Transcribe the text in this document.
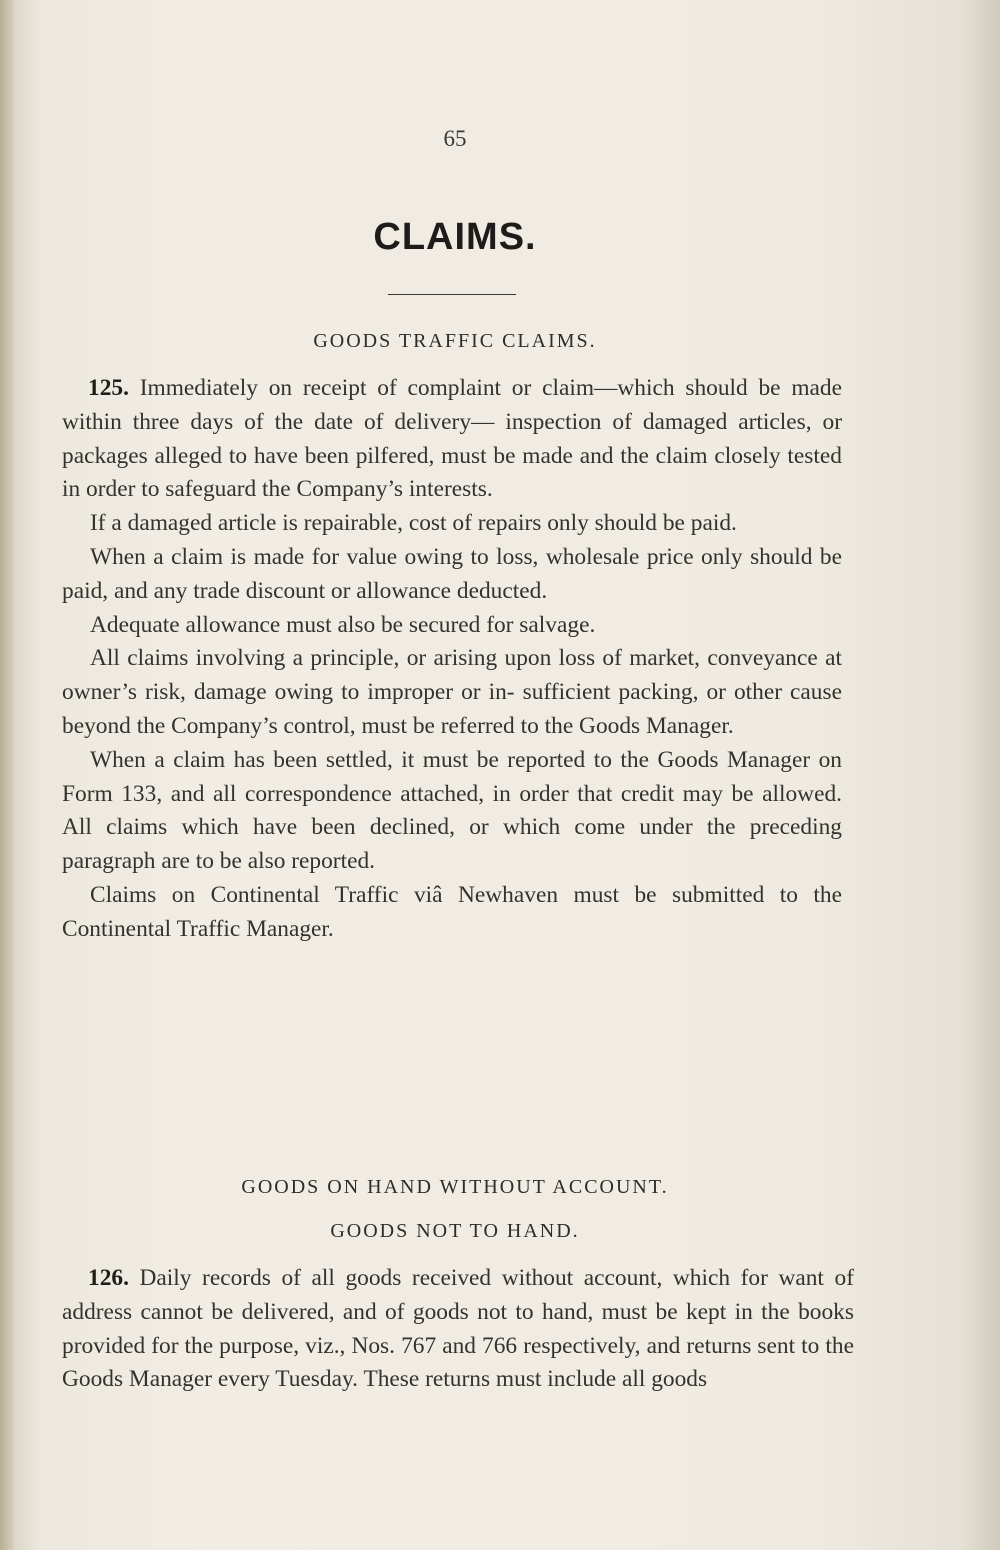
65
CLAIMS.
GOODS TRAFFIC CLAIMS.

125. Immediately on receipt of complaint or claim—which should be made within three days of the date of delivery— inspection of damaged articles, or packages alleged to have been pilfered, must be made and the claim closely tested in order to safeguard the Company’s interests.

If a damaged article is repairable, cost of repairs only should be paid.

When a claim is made for value owing to loss, wholesale price only should be paid, and any trade discount or allowance deducted.

Adequate allowance must also be secured for salvage.

All claims involving a principle, or arising upon loss of market, conveyance at owner’s risk, damage owing to improper or in- sufficient packing, or other cause beyond the Company’s control, must be referred to the Goods Manager.

When a claim has been settled, it must be reported to the Goods Manager on Form 133, and all correspondence attached, in order that credit may be allowed. All claims which have been declined, or which come under the preceding paragraph are to be also reported.

Claims on Continental Traffic viâ Newhaven must be submitted to the Continental Traffic Manager.

GOODS ON HAND WITHOUT ACCOUNT.
GOODS NOT TO HAND.

126. Daily records of all goods received without account, which for want of address cannot be delivered, and of goods not to hand, must be kept in the books provided for the purpose, viz., Nos. 767 and 766 respectively, and returns sent to the Goods Manager every Tuesday. These returns must include all goods
